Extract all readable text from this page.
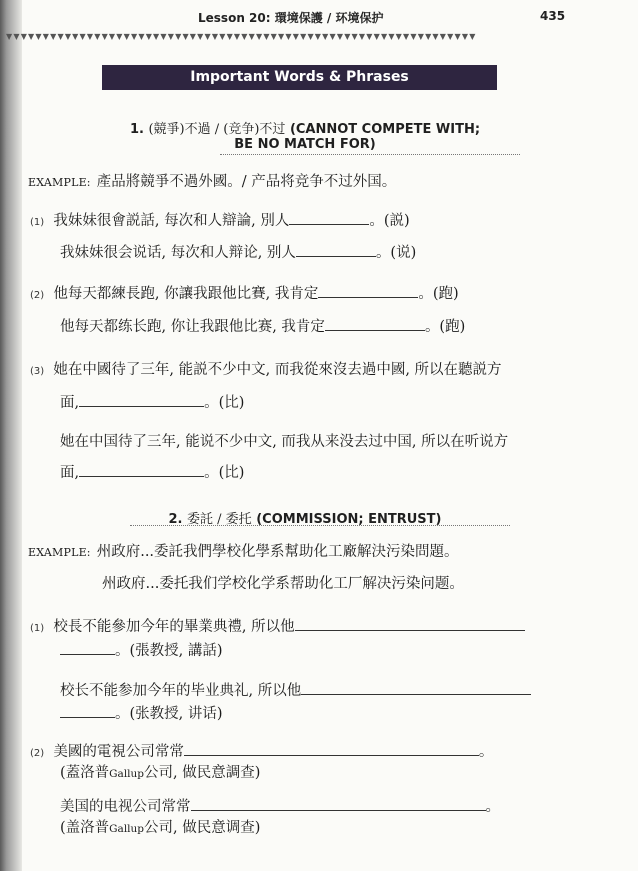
Lesson 20: 環境保護 / 环境保护	435
▼▼▼▼▼▼▼▼▼▼▼▼▼▼▼▼▼▼▼▼▼▼▼▼▼▼▼▼▼▼▼▼▼▼▼▼▼▼▼▼▼▼▼▼▼▼▼▼▼▼▼▼▼▼▼▼▼▼▼▼▼▼▼▼
Important Words & Phrases
1. (競爭)不過 / (竞争)不过 (CANNOT COMPETE WITH;
BE NO MATCH FOR)
EXAMPLE: 產品將競爭不過外國。/ 产品将竞争不过外国。
(1) 我妹妹很會説話, 每次和人辯論, 別人	。(説)
我妹妹很会说话, 每次和人辩论, 别人	。(说)
(2) 他每天都練長跑, 你讓我跟他比賽, 我肯定	。(跑)
他每天都练长跑, 你让我跟他比赛, 我肯定	。(跑)
(3) 她在中國待了三年, 能説不少中文, 而我從來沒去過中國, 所以在聽説方
面,	。(比)
她在中国待了三年, 能说不少中文, 而我从来没去过中国, 所以在听说方
面,	。(比)
2. 委託 / 委托 (COMMISSION; ENTRUST)
EXAMPLE: 州政府...委託我們學校化學系幫助化工廠解決污染問題。
州政府...委托我们学校化学系帮助化工厂解决污染问题。
(1) 校長不能參加今年的畢業典禮, 所以他
。(張教授, 講話)
校长不能参加今年的毕业典礼, 所以他
。(张教授, 讲话)
(2) 美國的電視公司常常	。
(蓋洛普Gallup公司, 做民意調查)
美国的电视公司常常	。
(盖洛普Gallup公司, 做民意调查)
